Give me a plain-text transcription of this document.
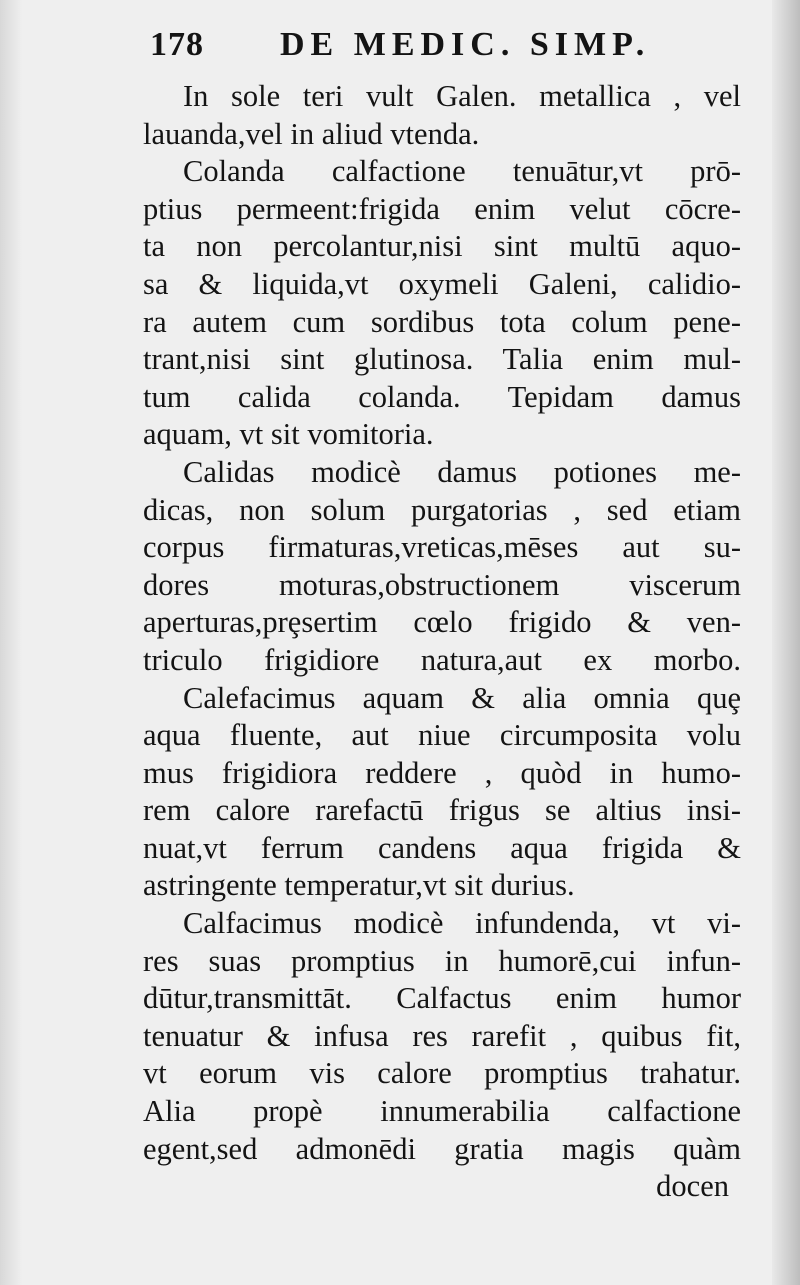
178	DE MEDIC. SIMP.
In sole teri vult Galen. metallica , vel
lauanda,vel in aliud vtenda.
Colanda calfactione tenuātur,vt prō-
ptius permeent:frigida enim velut cōcre-
ta non percolantur,nisi sint multū aquo-
sa & liquida,vt oxymeli Galeni, calidio-
ra autem cum sordibus tota colum pene-
trant,nisi sint glutinosa. Talia enim mul-
tum calida colanda. Tepidam damus
aquam, vt sit vomitoria.
Calidas modicè damus potiones me-
dicas, non solum purgatorias , sed etiam
corpus firmaturas,vreticas,mēses aut su-
dores moturas,obstructionem viscerum
aperturas,prȩsertim cœlo frigido & ven-
triculo frigidiore natura,aut ex morbo.
Calefacimus aquam & alia omnia quȩ
aqua fluente, aut niue circumposita volu
mus frigidiora reddere , quòd in humo-
rem calore rarefactū frigus se altius insi-
nuat,vt ferrum candens aqua frigida &
astringente temperatur,vt sit durius.
Calfacimus modicè infundenda, vt vi-
res suas promptius in humorē,cui infun-
dūtur,transmittāt. Calfactus enim humor
tenuatur & infusa res rarefit , quibus fit,
vt eorum vis calore promptius trahatur.
Alia propè innumerabilia calfactione
egent,sed admonēdi gratia magis quàm
docen
